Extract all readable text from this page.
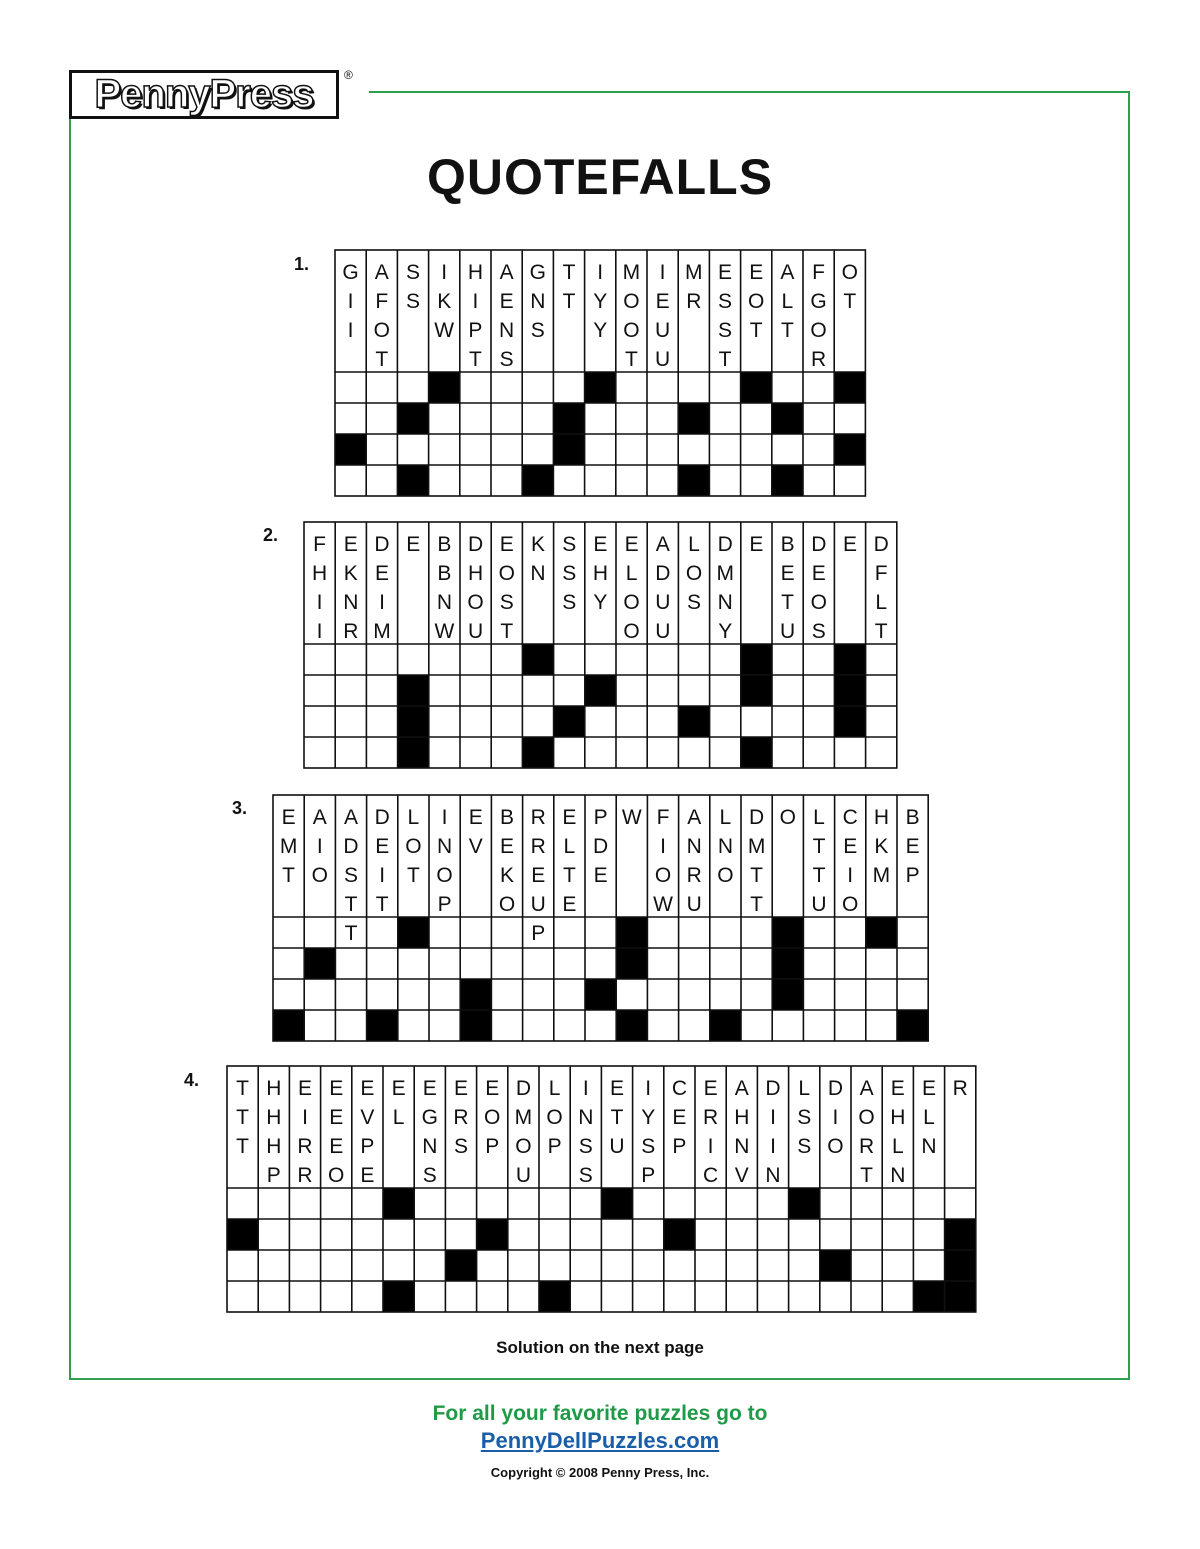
PennyPress	®
QUOTEFALLS
1. G
I
I
A
F
O
T
S
S
I
K
W
H
I
P
T
A
E
N
S
G
N
S
T
T
I
Y
Y
M
O
O
T
I
E
U
U
M
R
E
S
S
T
E
O
T
A
L
T
F
G
O
R
O
T
2. F
H
I
I
E
K
N
R
D
E
I
M
E B
B
N
W
D
H
O
U
E
O
S
T
K
N
S
S
S
E
H
Y
E
L
O
O
A
D
U
U
L
O
S
D
M
N
Y
E B
E
T
U
D
E
O
S
E D
F
L
T
3. E
M
T
A
I
O
A
D
S
T
T
D
E
I
T
L
O
T
I
N
O
P
E
V
B
E
K
O
R
R
E
U
P
E
L
T
E
P
D
E
W F
I
O
W
A
N
R
U
L
N
O
D
M
T
T
O L
T
T
U
C
E
I
O
H
K
M
B
E
P
4. T
T
T
H
H
H
P
E
I
R
R
E
E
E
O
E
V
P
E
E
L
E
G
N
S
E
R
S
E
O
P
D
M
O
U
L
O
P
I
N
S
S
E
T
U
I
Y
S
P
C
E
P
E
R
I
C
A
H
N
V
D
I
I
N
L
S
S
D
I
O
A
O
R
T
E
H
L
N
E
L
N
R
Solution on the next page
For all your favorite puzzles go to
PennyDellPuzzles.com
Copyright © 2008 Penny Press, Inc.
